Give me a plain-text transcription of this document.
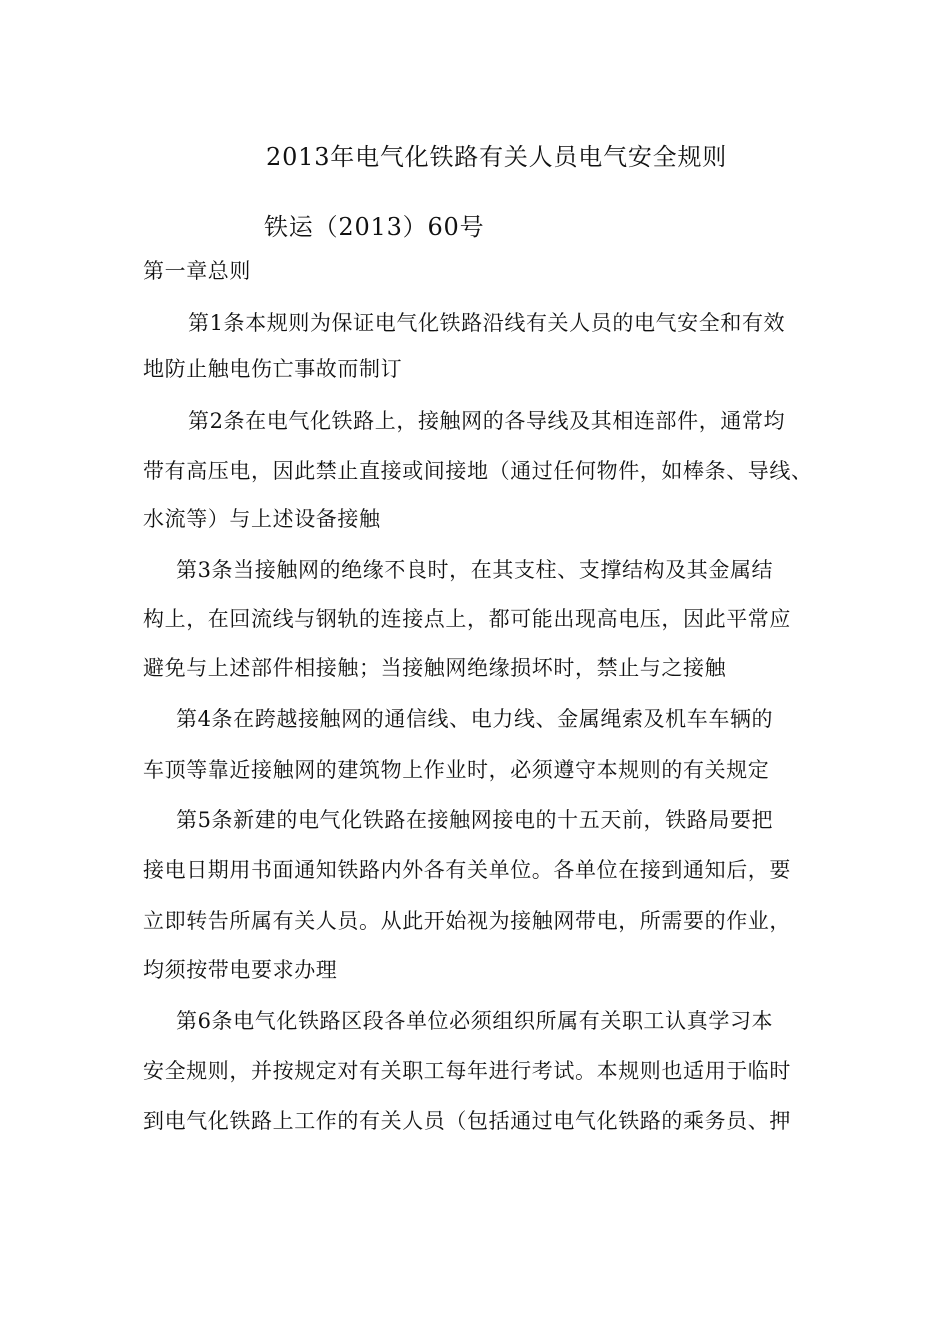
2013年电气化铁路有关人员电气安全规则
铁运（2013）60号
第一章总则
第1条本规则为保证电气化铁路沿线有关人员的电气安全和有效
地防止触电伤亡事故而制订
第2条在电气化铁路上，接触网的各导线及其相连部件，通常均
带有高压电，因此禁止直接或间接地（通过任何物件，如棒条、导线、
水流等）与上述设备接触
第3条当接触网的绝缘不良时，在其支柱、支撑结构及其金属结
构上，在回流线与钢轨的连接点上，都可能出现高电压，因此平常应
避免与上述部件相接触；当接触网绝缘损坏时，禁止与之接触
第4条在跨越接触网的通信线、电力线、金属绳索及机车车辆的
车顶等靠近接触网的建筑物上作业时，必须遵守本规则的有关规定
第5条新建的电气化铁路在接触网接电的十五天前，铁路局要把
接电日期用书面通知铁路内外各有关单位。各单位在接到通知后，要
立即转告所属有关人员。从此开始视为接触网带电，所需要的作业，
均须按带电要求办理
第6条电气化铁路区段各单位必须组织所属有关职工认真学习本
安全规则，并按规定对有关职工每年进行考试。本规则也适用于临时
到电气化铁路上工作的有关人员（包括通过电气化铁路的乘务员、押
